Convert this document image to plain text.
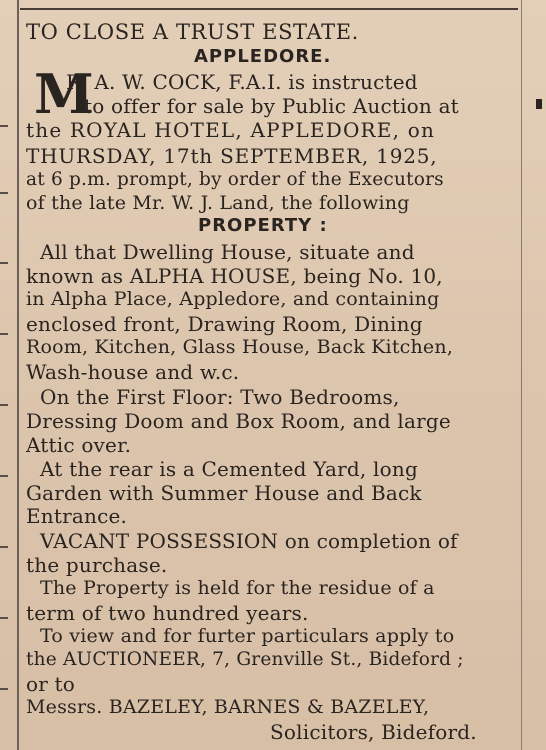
TO CLOSE A TRUST ESTATE.
APPLEDORE.
M
R. A. W. COCK, F.A.I. is instructed
to offer for sale by Public Auction at
the ROYAL HOTEL, APPLEDORE, on
THURSDAY, 17th SEPTEMBER, 1925,
at 6 p.m. prompt, by order of the Executors
of the late Mr. W. J. Land, the following
PROPERTY :
All that Dwelling House, situate and
known as ALPHA HOUSE, being No. 10,
in Alpha Place, Appledore, and containing
enclosed front, Drawing Room, Dining
Room, Kitchen, Glass House, Back Kitchen,
Wash-house and w.c.
On the First Floor: Two Bedrooms,
Dressing Doom and Box Room, and large
Attic over.
At the rear is a Cemented Yard, long
Garden with Summer House and Back
Entrance.
VACANT POSSESSION on completion of
the purchase.
The Property is held for the residue of a
term of two hundred years.
To view and for furter particulars apply to
the AUCTIONEER, 7, Grenville St., Bideford ;
or to
Messrs. BAZELEY, BARNES & BAZELEY,
Solicitors, Bideford.
